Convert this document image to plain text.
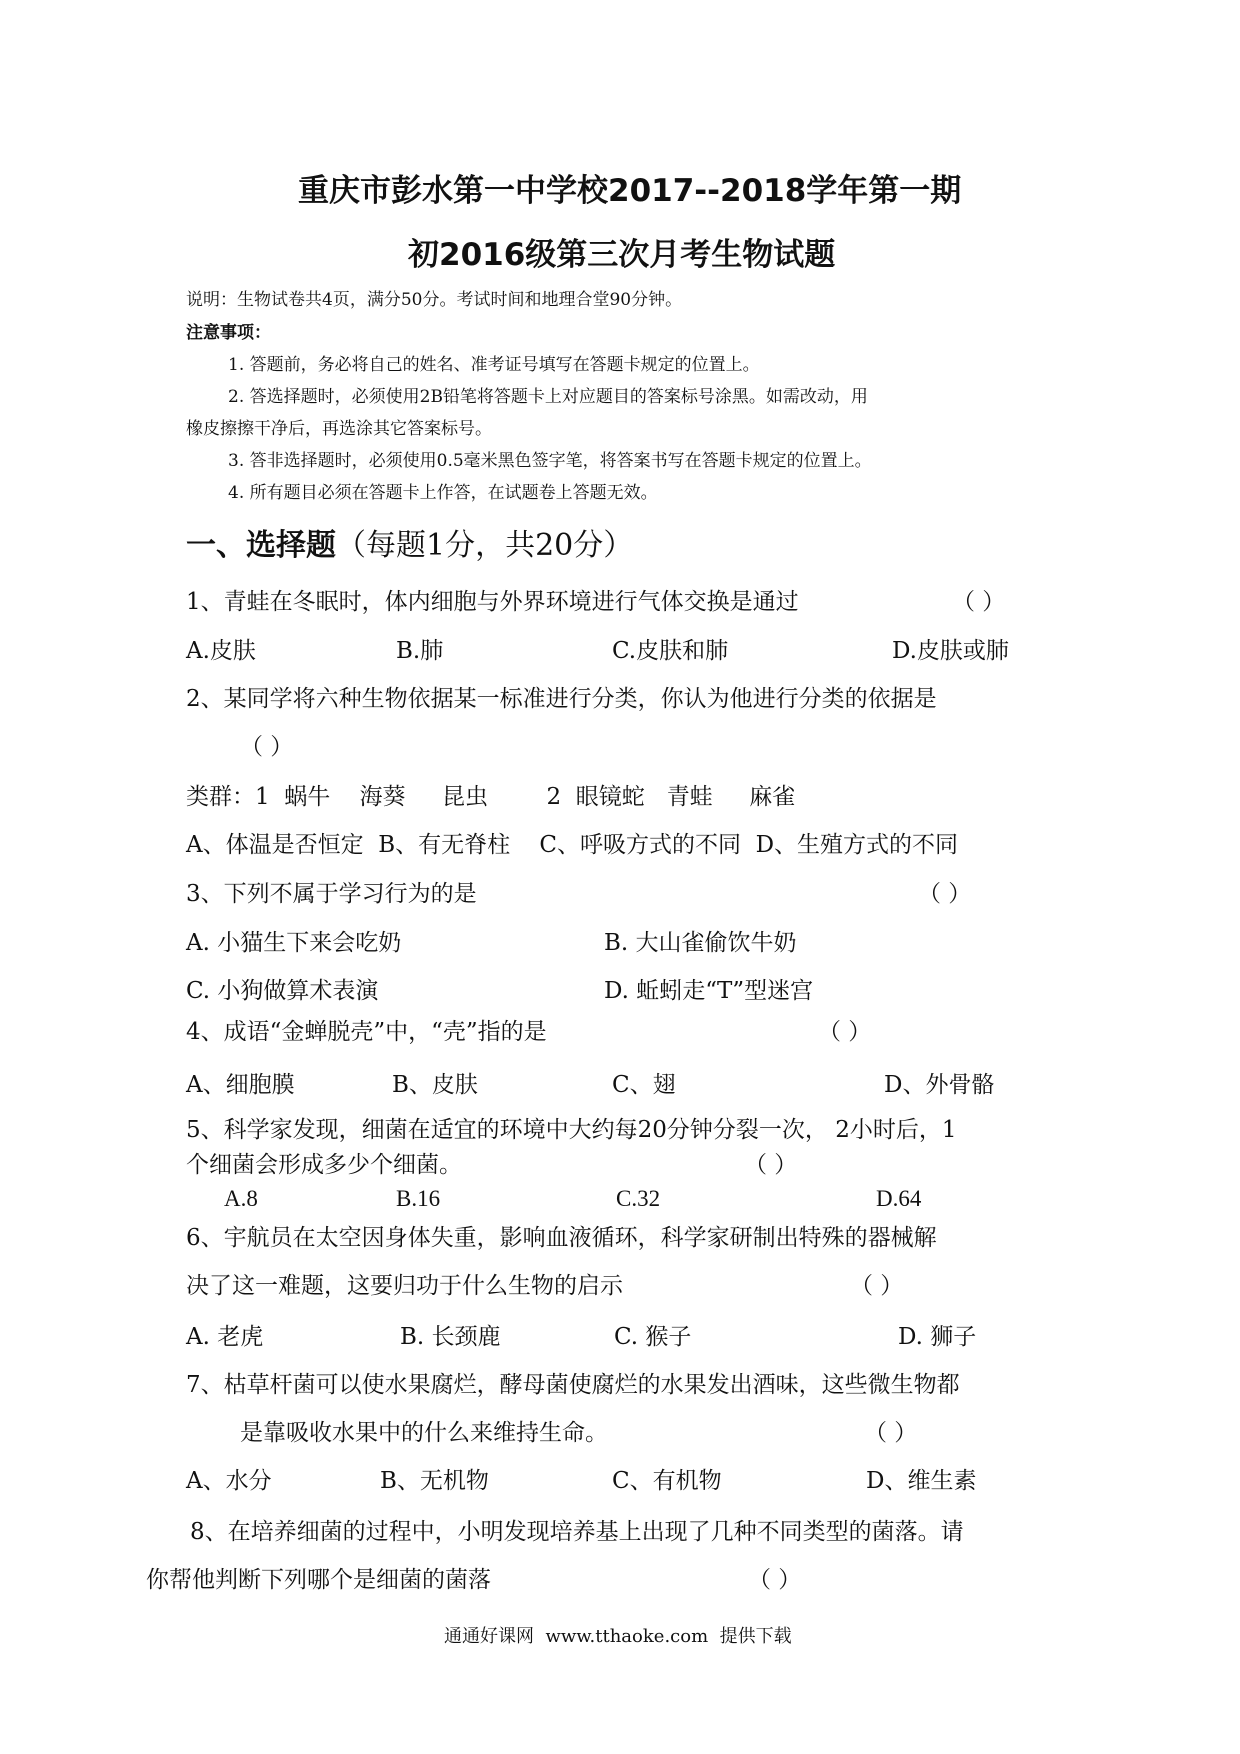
重庆市彭水第一中学校2017--2018学年第一期
初2016级第三次月考生物试题
说明：生物试卷共4页，满分50分。考试时间和地理合堂90分钟。
注意事项：
1. 答题前，务必将自己的姓名、准考证号填写在答题卡规定的位置上。
2. 答选择题时，必须使用2B铅笔将答题卡上对应题目的答案标号涂黑。如需改动，用
橡皮擦擦干净后，再选涂其它答案标号。
3. 答非选择题时，必须使用0.5毫米黑色签字笔，将答案书写在答题卡规定的位置上。
4. 所有题目必须在答题卡上作答，在试题卷上答题无效。
一、选择题（每题1分，共20分）
1、青蛙在冬眠时，体内细胞与外界环境进行气体交换是通过	（ ）
A.皮肤	B.肺	C.皮肤和肺	D.皮肤或肺
2、某同学将六种生物依据某一标准进行分类，你认为他进行分类的依据是
（ ）
类群：1  蜗牛    海葵     昆虫        2  眼镜蛇   青蛙     麻雀
A、体温是否恒定  B、有无脊柱    C、呼吸方式的不同  D、生殖方式的不同
3、下列不属于学习行为的是	（ ）
A. 小猫生下来会吃奶	B. 大山雀偷饮牛奶
C. 小狗做算术表演	D. 蚯蚓走“T”型迷宫
4、成语“金蝉脱壳”中，“壳”指的是	（ ）
A、细胞膜	B、皮肤	C、翅	D、外骨骼
5、科学家发现，细菌在适宜的环境中大约每20分钟分裂一次， 2小时后，1
个细菌会形成多少个细菌。	（ ）
A.8	B.16	C.32	D.64
6、宇航员在太空因身体失重，影响血液循环，科学家研制出特殊的器械解
决了这一难题，这要归功于什么生物的启示	（ ）
A. 老虎	B. 长颈鹿	C. 猴子	D. 狮子
7、枯草杆菌可以使水果腐烂，酵母菌使腐烂的水果发出酒味，这些微生物都
是靠吸收水果中的什么来维持生命。	（ ）
A、水分	B、无机物	C、有机物	D、维生素
8、在培养细菌的过程中，小明发现培养基上出现了几种不同类型的菌落。请
你帮他判断下列哪个是细菌的菌落	（ ）
通通好课网  www.tthaoke.com  提供下载
